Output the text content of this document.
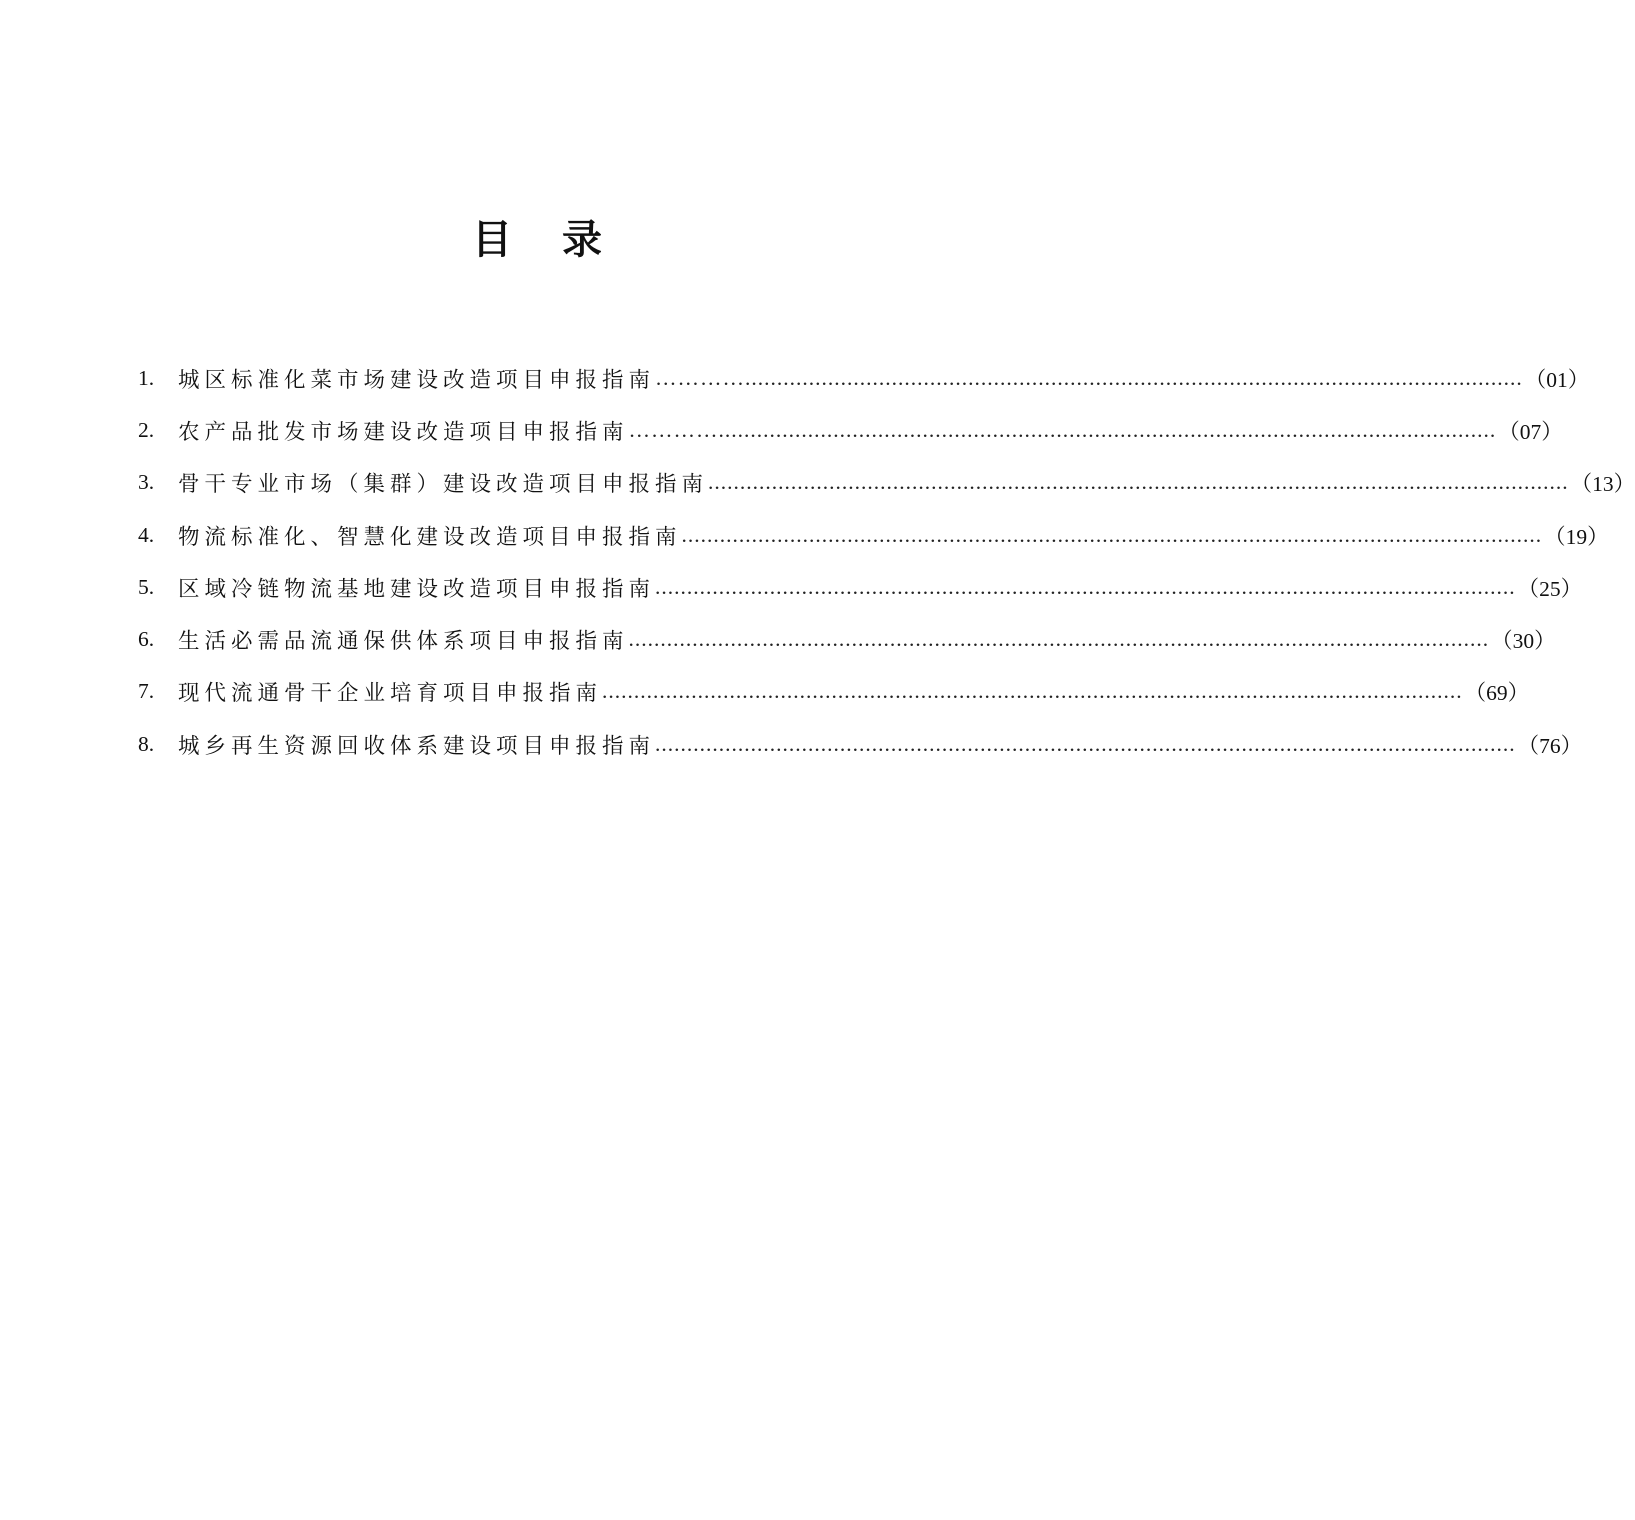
目 录
1.	城区标准化菜市场建设改造项目申报指南 ………….......................................................................................................................... （01）
2.	农产品批发市场建设改造项目申报指南 ………….......................................................................................................................... （07）
3.	骨干专业市场（集群）建设改造项目申报指南 ....................................................................................................................................... （13）
4.	物流标准化、智慧化建设改造项目申报指南 ....................................................................................................................................... （19）
5.	区域冷链物流基地建设改造项目申报指南 ....................................................................................................................................... （25）
6.	生活必需品流通保供体系项目申报指南 ....................................................................................................................................... （30）
7.	现代流通骨干企业培育项目申报指南 ....................................................................................................................................... （69）
8.	城乡再生资源回收体系建设项目申报指南 ....................................................................................................................................... （76）
